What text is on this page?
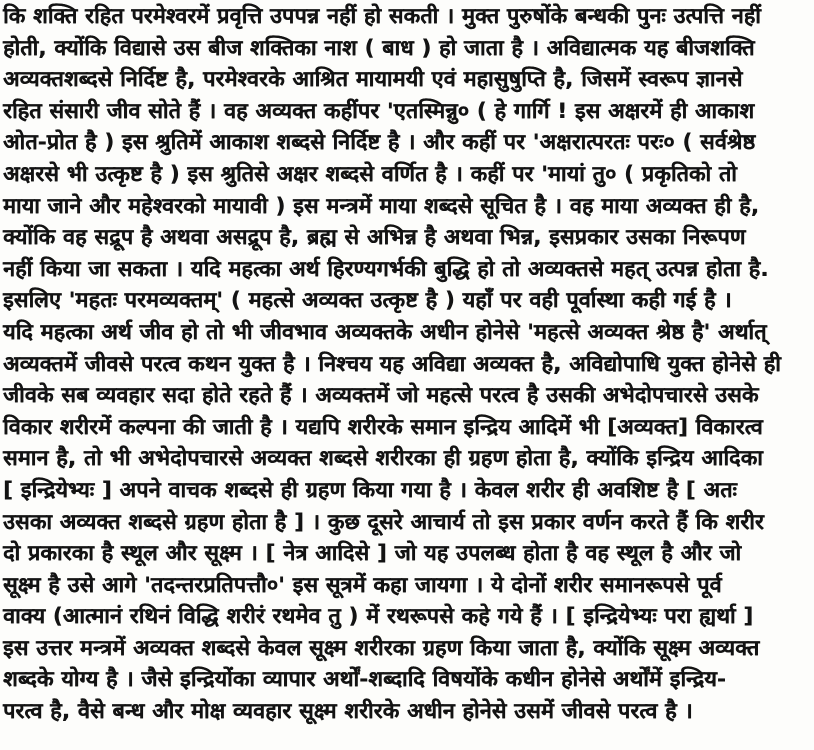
कि शक्ति रहित परमेश्वरमें प्रवृत्ति उपपन्न नहीं हो सकती । मुक्त पुरुषोंके बन्धकी पुनः उत्पत्ति नहीं
होती, क्योंकि विद्यासे उस बीज शक्तिका नाश ( बाध ) हो जाता है । अविद्यात्मक यह बीजशक्ति
अव्यक्तशब्दसे निर्दिष्ट है, परमेश्वरके आश्रित मायामयी एवं महासुषुप्ति है, जिसमें स्वरूप ज्ञानसे
रहित संसारी जीव सोते हैं । वह अव्यक्त कहींपर 'एतस्मिन्नु० ( हे गार्गि ! इस अक्षरमें ही आकाश
ओत-प्रोत है ) इस श्रुतिमें आकाश शब्दसे निर्दिष्ट है । और कहीं पर 'अक्षरात्परतः परः० ( सर्वश्रेष्ठ
अक्षरसे भी उत्कृष्ट है ) इस श्रुतिसे अक्षर शब्दसे वर्णित है । कहीं पर 'मायां तु० ( प्रकृतिको तो
माया जाने और महेश्वरको मायावी ) इस मन्त्रमें माया शब्दसे सूचित है । वह माया अव्यक्त ही है,
क्योंकि वह सद्रूप है अथवा असद्रूप है, ब्रह्म से अभिन्न है अथवा भिन्न, इसप्रकार उसका निरूपण
नहीं किया जा सकता । यदि महत्का अर्थ हिरण्यगर्भकी बुद्धि हो तो अव्यक्तसे महत् उत्पन्न होता है.
इसलिए 'महतः परमव्यक्तम्' ( महत्से अव्यक्त उत्कृष्ट है ) यहाँ पर वही पूर्वास्था कही गई है ।
यदि महत्का अर्थ जीव हो तो भी जीवभाव अव्यक्तके अधीन होनेसे 'महत्से अव्यक्त श्रेष्ठ है' अर्थात्
अव्यक्तमें जीवसे परत्व कथन युक्त है । निश्चय यह अविद्या अव्यक्त है, अविद्योपाधि युक्त होनेसे ही
जीवके सब व्यवहार सदा होते रहते हैं । अव्यक्तमें जो महत्से परत्व है उसकी अभेदोपचारसे उसके
विकार शरीरमें कल्पना की जाती है । यद्यपि शरीरके समान इन्द्रिय आदिमें भी [अव्यक्त] विकारत्व
समान है, तो भी अभेदोपचारसे अव्यक्त शब्दसे शरीरका ही ग्रहण होता है, क्योंकि इन्द्रिय आदिका
[ इन्द्रियेभ्यः ] अपने वाचक शब्दसे ही ग्रहण किया गया है । केवल शरीर ही अवशिष्ट है [ अतः
उसका अव्यक्त शब्दसे ग्रहण होता है ] । कुछ दूसरे आचार्य तो इस प्रकार वर्णन करते हैं कि शरीर
दो प्रकारका है स्थूल और सूक्ष्म । [ नेत्र आदिसे ] जो यह उपलब्ध होता है वह स्थूल है और जो
सूक्ष्म है उसे आगे 'तदन्तरप्रतिपत्तौ०' इस सूत्रमें कहा जायगा । ये दोनों शरीर समानरूपसे पूर्व
वाक्य (आत्मानं रथिनं विद्धि शरीरं रथमेव तु ) में रथरूपसे कहे गये हैं । [ इन्द्रियेभ्यः परा ह्यर्था ]
इस उत्तर मन्त्रमें अव्यक्त शब्दसे केवल सूक्ष्म शरीरका ग्रहण किया जाता है, क्योंकि सूक्ष्म अव्यक्त
शब्दके योग्य है । जैसे इन्द्रियोंका व्यापार अर्थों-शब्दादि विषयोंके कधीन होनेसे अर्थोंमें इन्द्रिय-
परत्व है, वैसे बन्ध और मोक्ष व्यवहार सूक्ष्म शरीरके अधीन होनेसे उसमें जीवसे परत्व है ।
